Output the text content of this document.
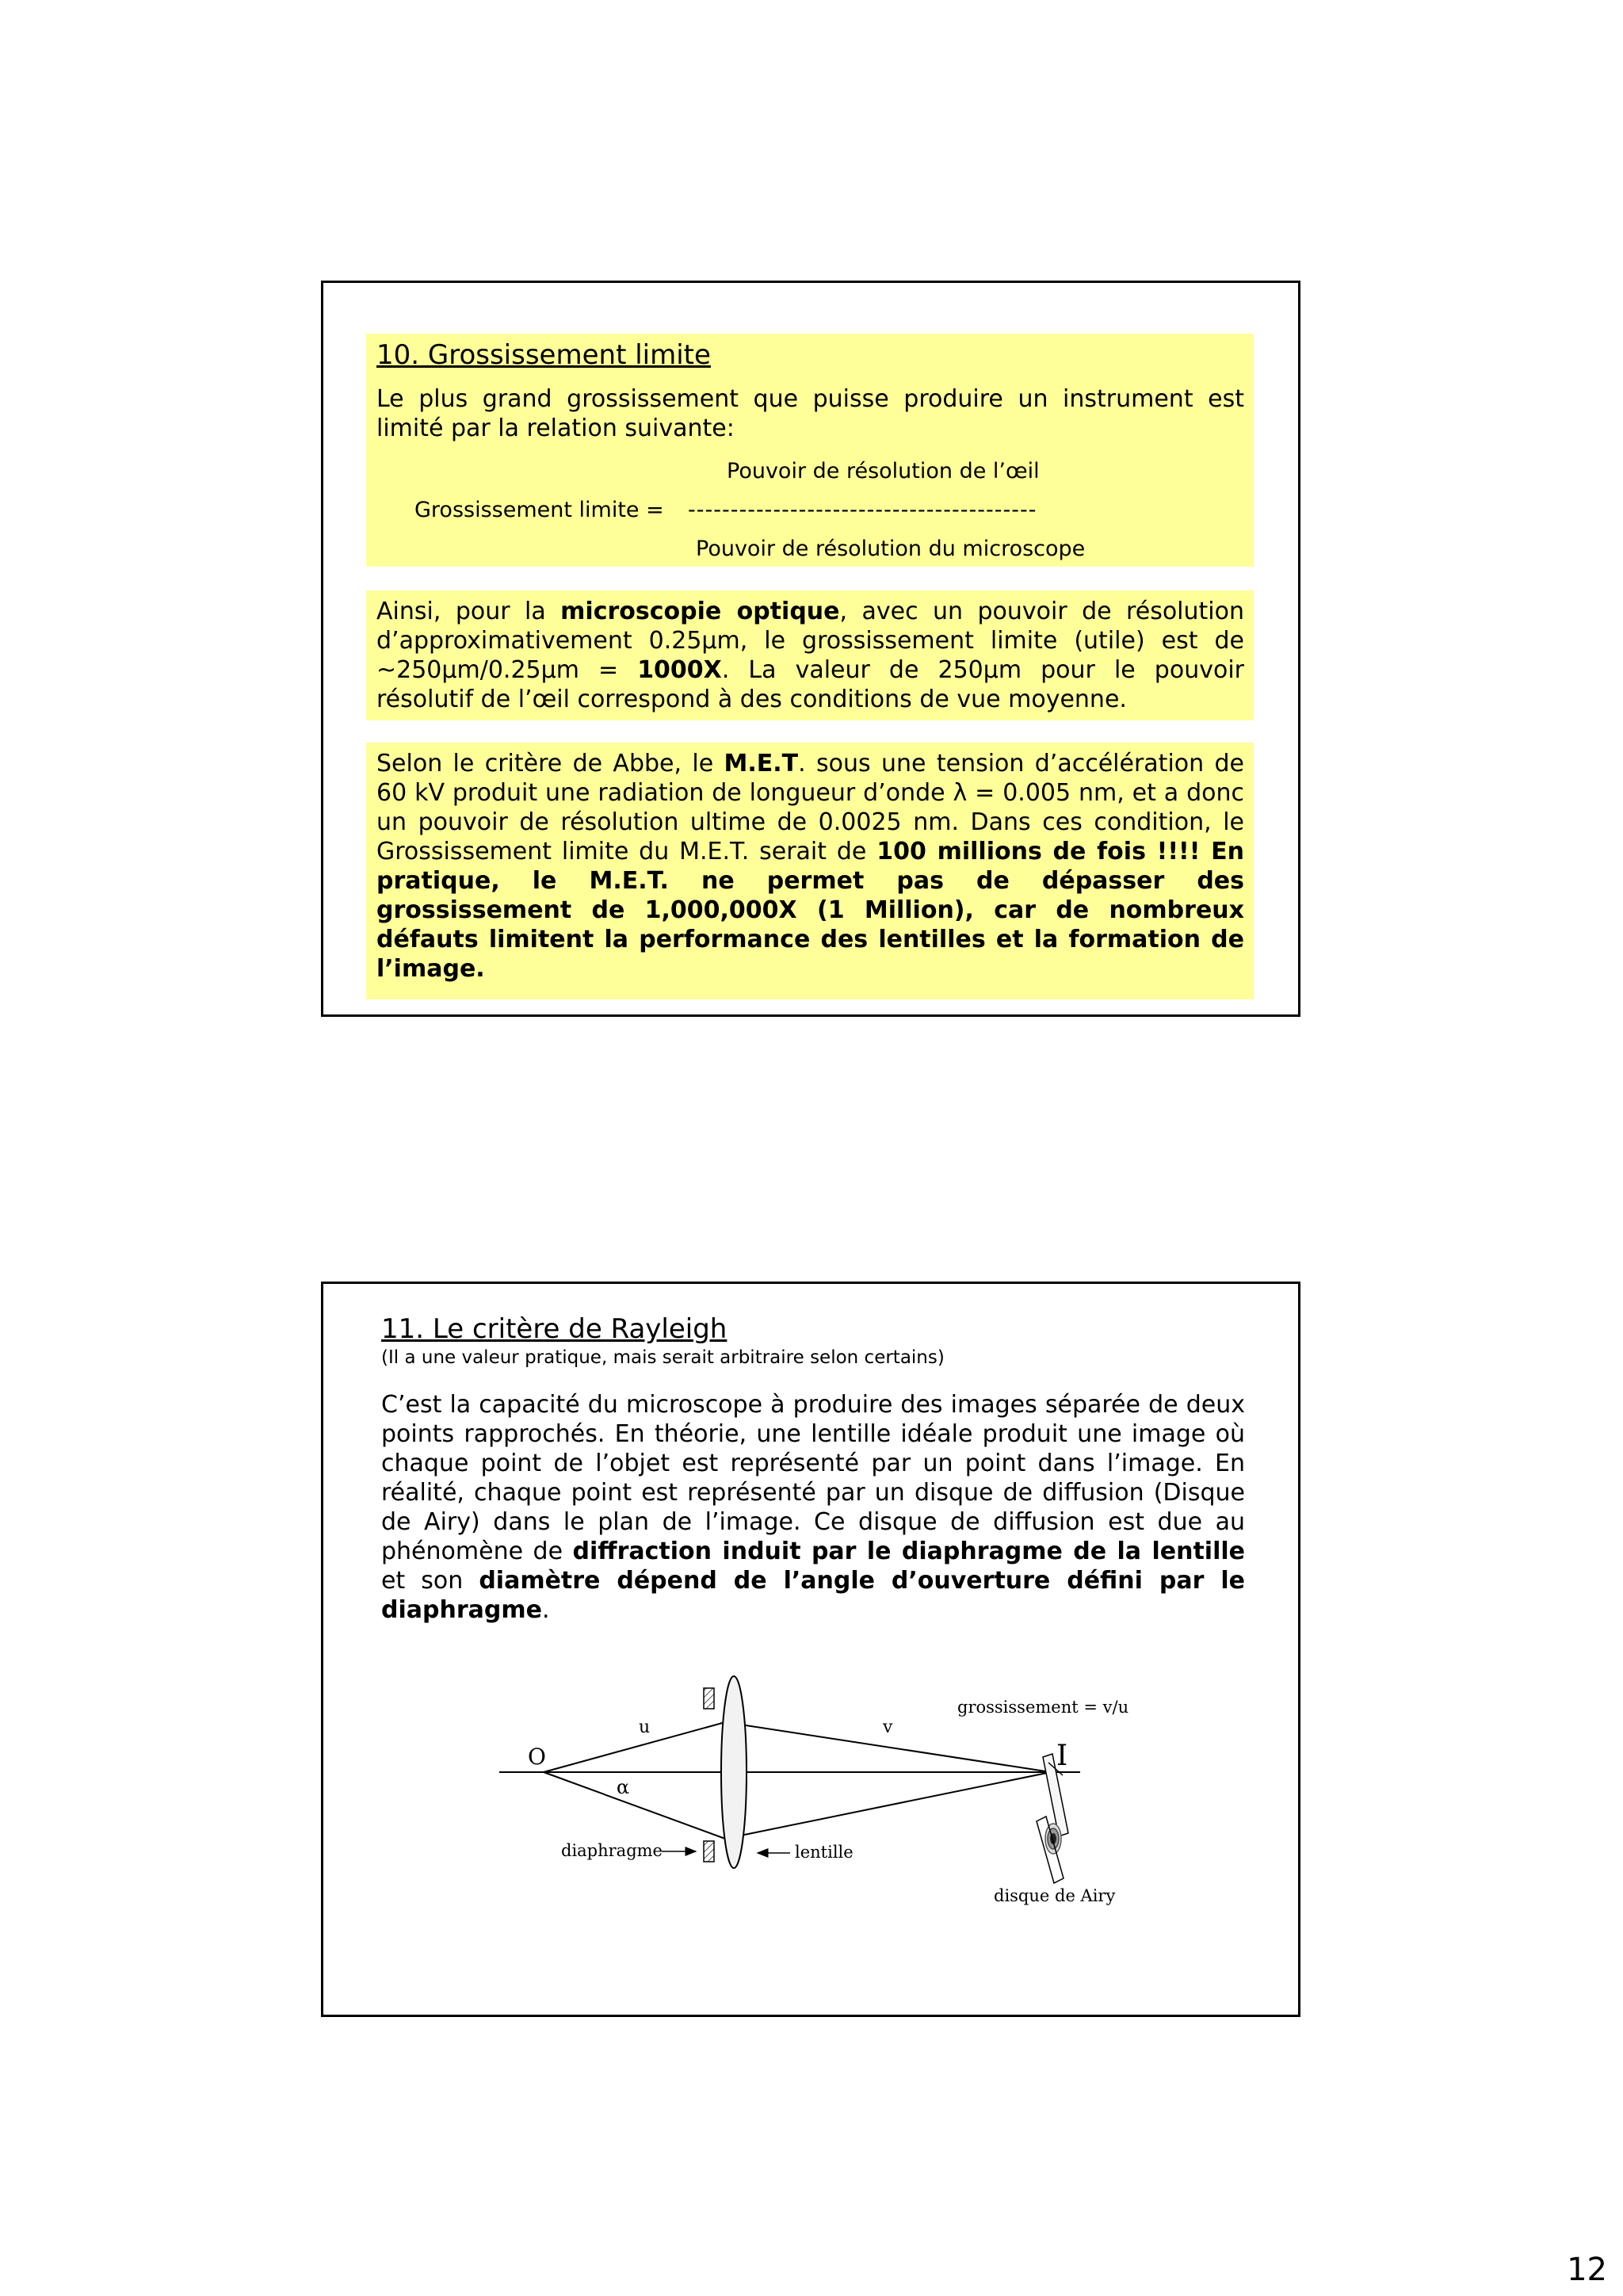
10. Grossissement limite

Le plus grand grossissement que puisse produire un instrument est limité par la relation suivante:

Pouvoir de résolution de l’œil
Grossissement limite = -----------------------------------------
Pouvoir de résolution du microscope

Ainsi, pour la microscopie optique, avec un pouvoir de résolution d’approximativement 0.25µm, le grossissement limite (utile) est de ~250µm/0.25µm = 1000X. La valeur de 250µm pour le pouvoir résolutif de l’œil correspond à des conditions de vue moyenne.

Selon le critère de Abbe, le M.E.T. sous une tension d’accélération de 60 kV produit une radiation de longueur d’onde λ = 0.005 nm, et a donc un pouvoir de résolution ultime de 0.0025 nm. Dans ces condition, le Grossissement limite du M.E.T. serait de 100 millions de fois !!!! En pratique, le M.E.T. ne permet pas de dépasser des grossissement de 1,000,000X (1 Million), car de nombreux défauts limitent la performance des lentilles et la formation de l’image.

11. Le critère de Rayleigh

(Il a une valeur pratique, mais serait arbitraire selon certains)

C’est la capacité du microscope à produire des images séparée de deux points rapprochés. En théorie, une lentille idéale produit une image où chaque point de l’objet est représenté par un point dans l’image. En réalité, chaque point est représenté par un disque de diffusion (Disque de Airy) dans le plan de l’image. Ce disque de diffusion est due au phénomène de diffraction induit par le diaphragme de la lentille et son diamètre dépend de l’angle d’ouverture défini par le diaphragme.

grossissement = v/u
u	v
O	I
α
diaphragme	lentille
disque de Airy
12
